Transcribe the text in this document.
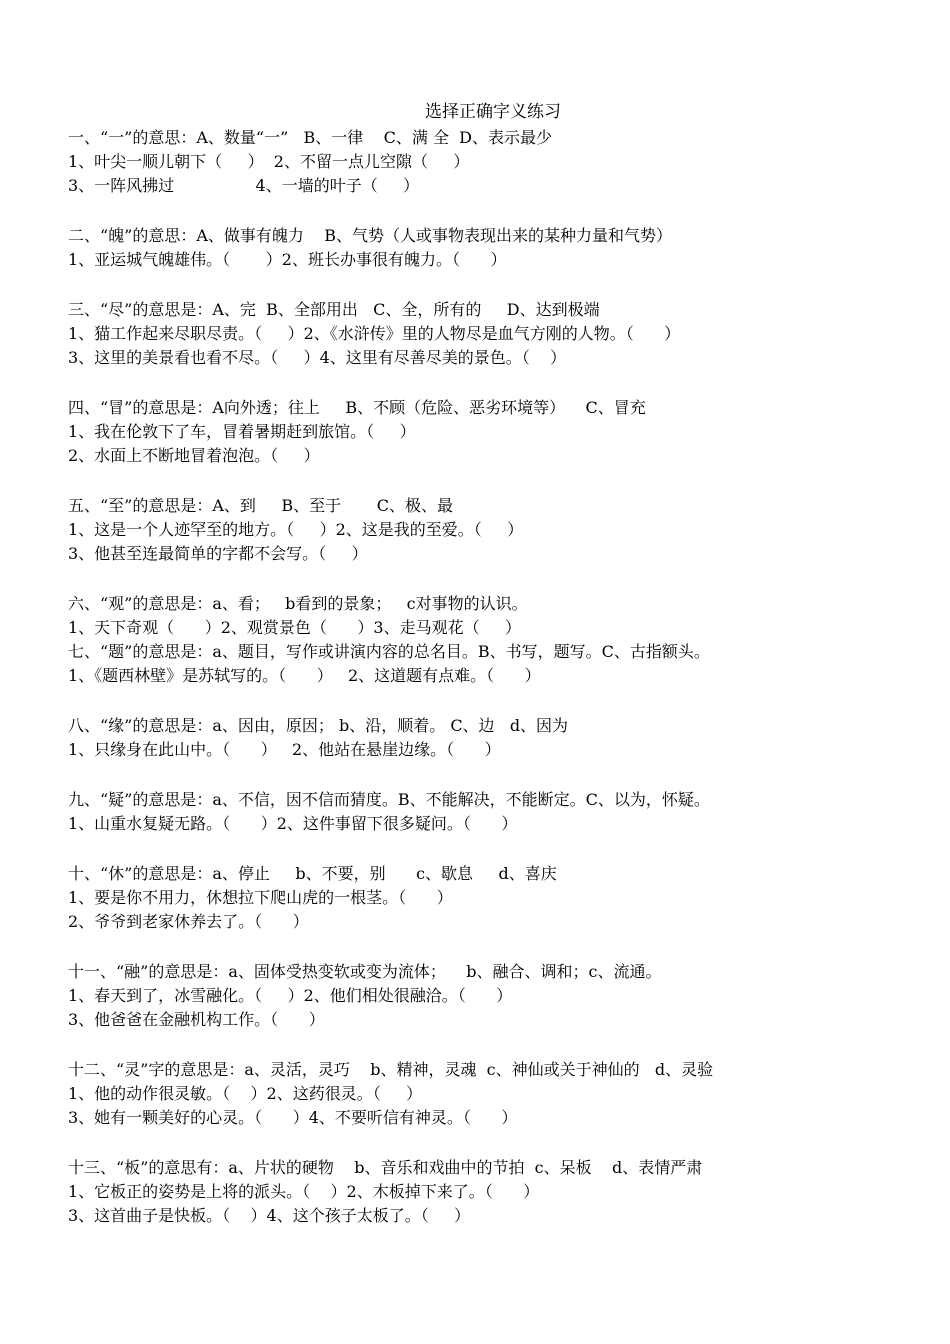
选择正确字义练习
一、“一”的意思：A、数量“一”   B、一律    C、满 全  D、表示最少
1、叶尖一顺儿朝下（     ）  2、不留一点儿空隙（     ）
3、一阵风拂过                4、一墙的叶子（     ）
二、“魄”的意思：A、做事有魄力    B、气势（人或事物表现出来的某种力量和气势）
1、亚运城气魄雄伟。（       ）2、班长办事很有魄力。（      ）
三、“尽”的意思是：A、完  B、全部用出   C、全，所有的     D、达到极端
1、猫工作起来尽职尽责。（     ）2、《水浒传》里的人物尽是血气方刚的人物。（      ）
3、这里的美景看也看不尽。（     ）4、这里有尽善尽美的景色。（    ）
四、“冒”的意思是：A向外透；往上     B、不顾（危险、恶劣环境等）    C、冒充
1、我在伦敦下了车，冒着暑期赶到旅馆。（     ）
2、水面上不断地冒着泡泡。（     ）
五、“至”的意思是：A、到     B、至于       C、极、最
1、这是一个人迹罕至的地方。（     ）2、这是我的至爱。（     ）
3、他甚至连最简单的字都不会写。（     ）
六、“观”的意思是：a、看；   b看到的景象；   c对事物的认识。
1、天下奇观（      ）2、观赏景色（      ）3、走马观花（     ）
七、“题”的意思是：a、题目，写作或讲演内容的总名目。B、书写，题写。C、古指额头。
1、《题西林壁》是苏轼写的。（      ）   2、这道题有点难。（      ）
八、“缘”的意思是：a、因由，原因； b、沿，顺着。 C、边   d、因为
1、只缘身在此山中。（      ）   2、他站在悬崖边缘。（      ）
九、“疑”的意思是：a、不信，因不信而猜度。B、不能解决，不能断定。C、以为，怀疑。
1、山重水复疑无路。（      ）2、这件事留下很多疑问。（      ）
十、“休”的意思是：a、停止     b、不要，别      c、歇息     d、喜庆
1、要是你不用力，休想拉下爬山虎的一根茎。（      ）
2、爷爷到老家休养去了。（      ）
十一、“融”的意思是：a、固体受热变软或变为流体；    b、融合、调和；c、流通。
1、春天到了，冰雪融化。（     ）2、他们相处很融洽。（      ）
3、他爸爸在金融机构工作。（      ）
十二、“灵”字的意思是：a、灵活，灵巧    b、精神，灵魂  c、神仙或关于神仙的   d、灵验
1、他的动作很灵敏。（    ）2、这药很灵。（     ）
3、她有一颗美好的心灵。（      ）4、不要听信有神灵。（      ）
十三、“板”的意思有：a、片状的硬物    b、音乐和戏曲中的节拍  c、呆板    d、表情严肃
1、它板正的姿势是上将的派头。（    ）2、木板掉下来了。（      ）
3、这首曲子是快板。（    ）4、这个孩子太板了。（     ）
